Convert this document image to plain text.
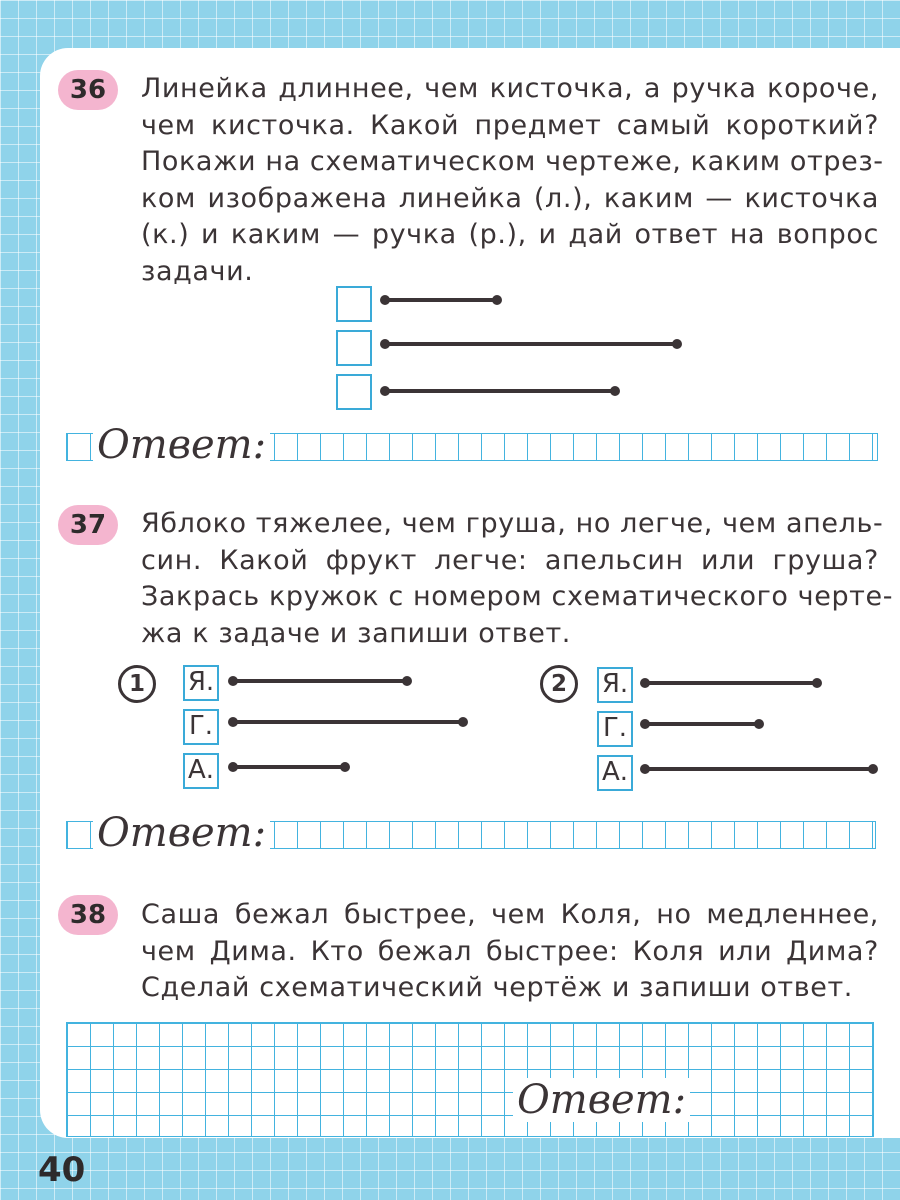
36	Линейка длиннее, чем кисточка, а ручка короче,
чем кисточка. Какой предмет самый короткий?
Покажи на схематическом чертеже, каким отрез-
ком изображена линейка (л.), каким — кисточка
(к.) и каким — ручка (р.), и дай ответ на вопрос
задачи.
Ответ:
37	Яблоко тяжелее, чем груша, но легче, чем апель-
син. Какой фрукт легче: апельсин или груша?
Закрась кружок с номером схематического черте-
жа к задаче и запиши ответ.
1	Я.
Г.
А.
2	Я.
Г.
А.
Ответ:
38	Саша бежал быстрее, чем Коля, но медленнее,
чем Дима. Кто бежал быстрее: Коля или Дима?
Сделай схематический чертёж и запиши ответ.
Ответ:
40
